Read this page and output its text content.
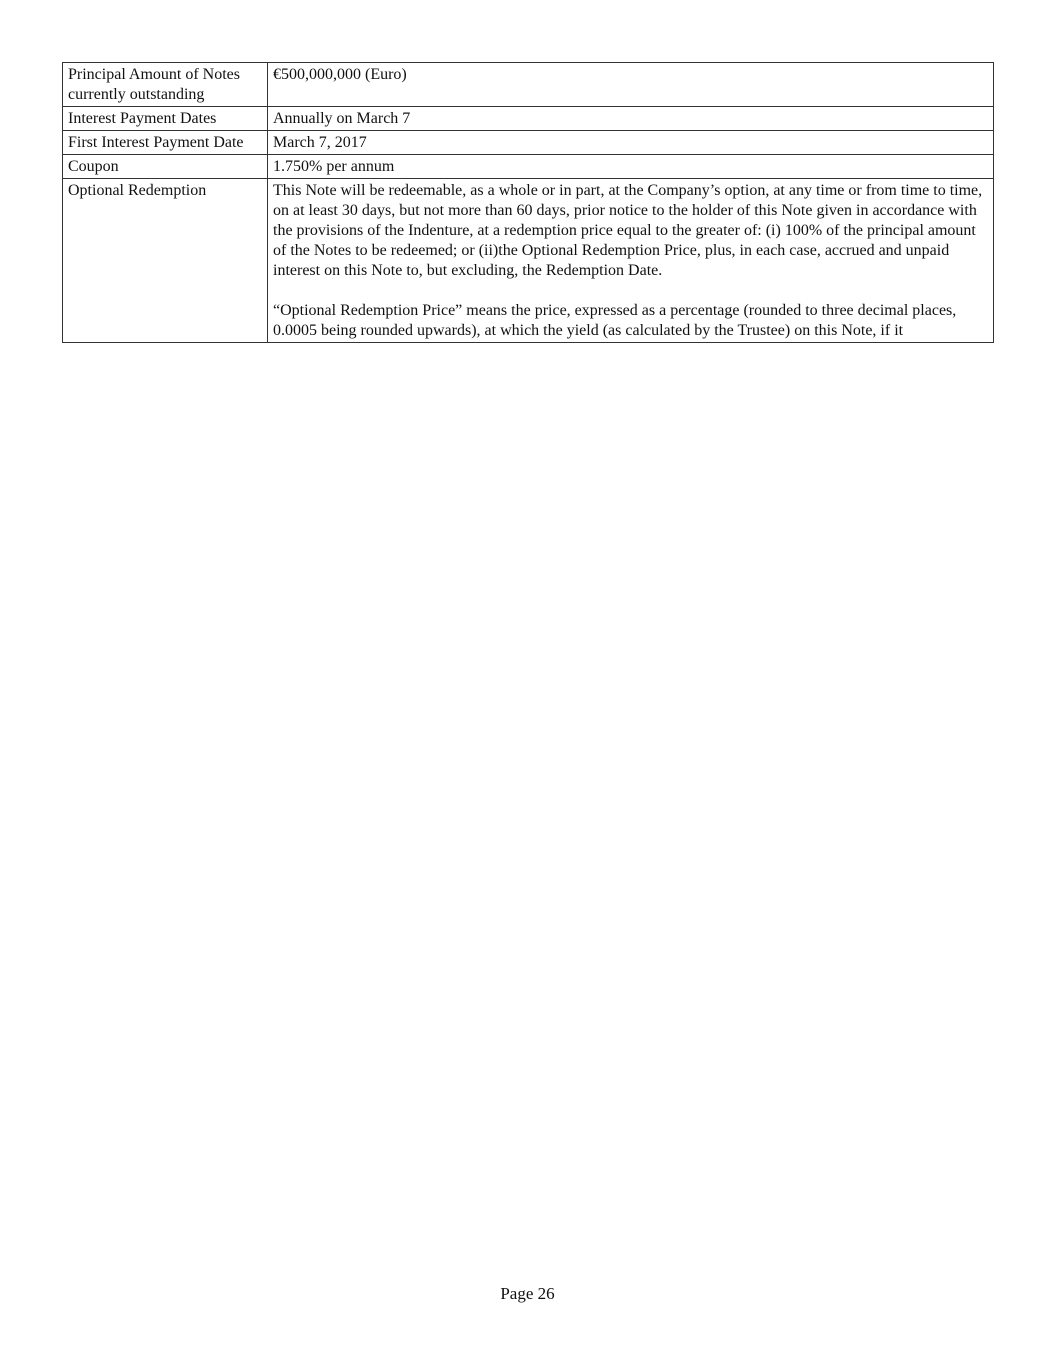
Principal Amount of Notes currently outstanding	€500,000,000 (Euro)
Interest Payment Dates	Annually on March 7
First Interest Payment Date	March 7, 2017
Coupon	1.750% per annum
Optional Redemption	This Note will be redeemable, as a whole or in part, at the Company’s option, at any time or from time to time, on at least 30 days, but not more than 60 days, prior notice to the holder of this Note given in accordance with the provisions of the Indenture, at a redemption price equal to the greater of: (i) 100% of the principal amount of the Notes to be redeemed; or (ii)the Optional Redemption Price, plus, in each case, accrued and unpaid interest on this Note to, but excluding, the Redemption Date.

“Optional Redemption Price” means the price, expressed as a percentage (rounded to three decimal places, 0.0005 being rounded upwards), at which the yield (as calculated by the Trustee) on this Note, if it

Page 26
